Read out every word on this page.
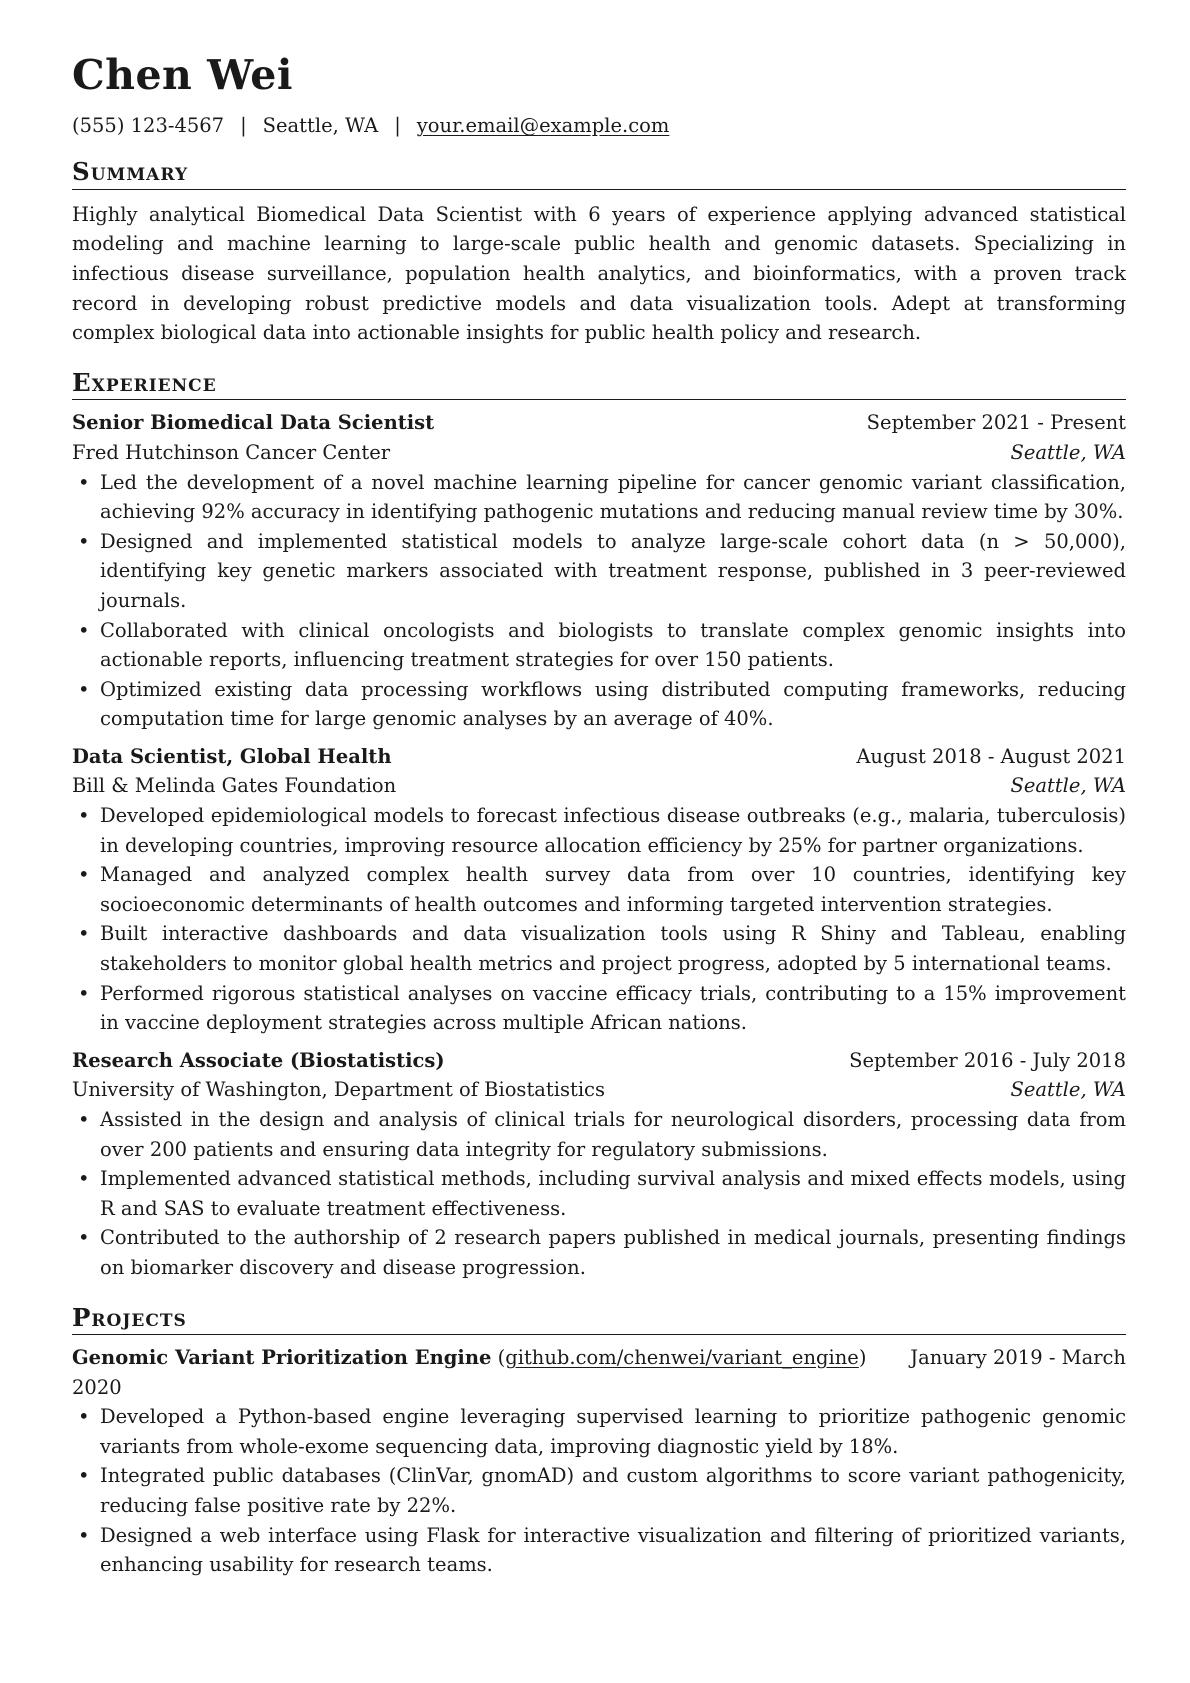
Chen Wei
(555) 123-4567 | Seattle, WA | your.email@example.com
Summary
Highly analytical Biomedical Data Scientist with 6 years of experience applying advanced statistical modeling and machine learning to large-scale public health and genomic datasets. Specializing in infectious disease surveillance, population health analytics, and bioinformatics, with a proven track record in developing robust predictive models and data visualization tools. Adept at transforming complex biological data into actionable insights for public health policy and research.
Experience
Senior Biomedical Data Scientist	September 2021 - Present
Fred Hutchinson Cancer Center	Seattle, WA
• Led the development of a novel machine learning pipeline for cancer genomic variant classification, achieving 92% accuracy in identifying pathogenic mutations and reducing manual review time by 30%.
• Designed and implemented statistical models to analyze large-scale cohort data (n > 50,000), identifying key genetic markers associated with treatment response, published in 3 peer-reviewed journals.
• Collaborated with clinical oncologists and biologists to translate complex genomic insights into actionable reports, influencing treatment strategies for over 150 patients.
• Optimized existing data processing workflows using distributed computing frameworks, reducing computation time for large genomic analyses by an average of 40%.
Data Scientist, Global Health	August 2018 - August 2021
Bill & Melinda Gates Foundation	Seattle, WA
• Developed epidemiological models to forecast infectious disease outbreaks (e.g., malaria, tuberculosis) in developing countries, improving resource allocation efficiency by 25% for partner organizations.
• Managed and analyzed complex health survey data from over 10 countries, identifying key socioeconomic determinants of health outcomes and informing targeted intervention strategies.
• Built interactive dashboards and data visualization tools using R Shiny and Tableau, enabling stakeholders to monitor global health metrics and project progress, adopted by 5 international teams.
• Performed rigorous statistical analyses on vaccine efficacy trials, contributing to a 15% improvement in vaccine deployment strategies across multiple African nations.
Research Associate (Biostatistics)	September 2016 - July 2018
University of Washington, Department of Biostatistics	Seattle, WA
• Assisted in the design and analysis of clinical trials for neurological disorders, processing data from over 200 patients and ensuring data integrity for regulatory submissions.
• Implemented advanced statistical methods, including survival analysis and mixed effects models, using R and SAS to evaluate treatment effectiveness.
• Contributed to the authorship of 2 research papers published in medical journals, presenting findings on biomarker discovery and disease progression.
Projects
Genomic Variant Prioritization Engine (github.com/chenwei/variant_engine) January 2019 - March
2020
• Developed a Python-based engine leveraging supervised learning to prioritize pathogenic genomic variants from whole-exome sequencing data, improving diagnostic yield by 18%.
• Integrated public databases (ClinVar, gnomAD) and custom algorithms to score variant pathogenicity, reducing false positive rate by 22%.
• Designed a web interface using Flask for interactive visualization and filtering of prioritized variants, enhancing usability for research teams.
